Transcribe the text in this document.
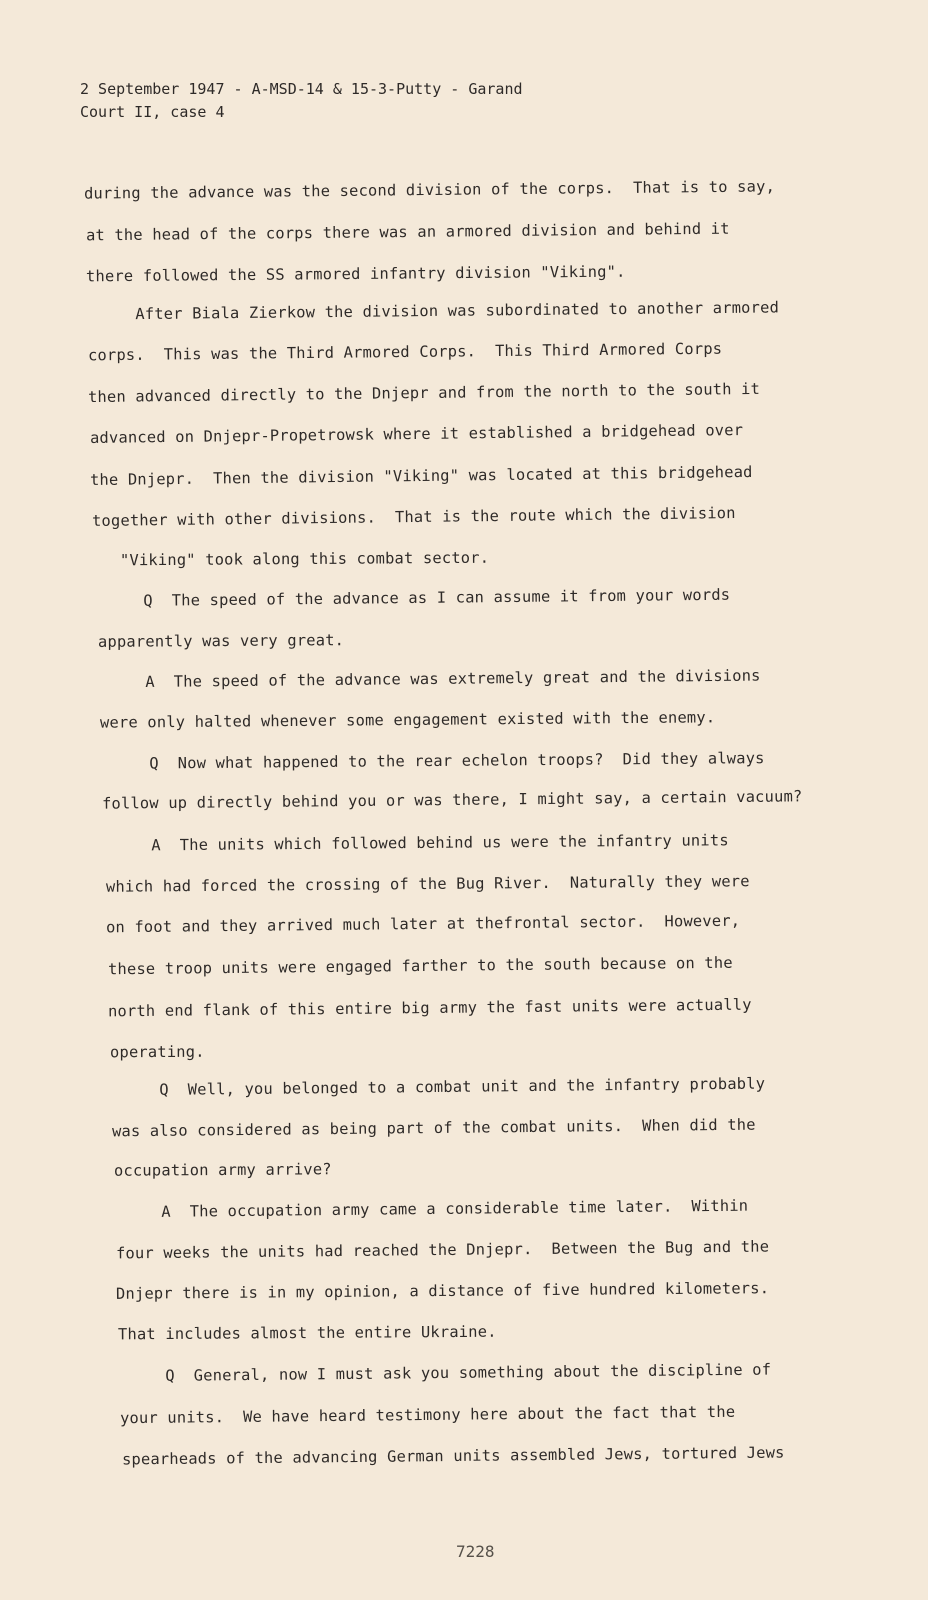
2 September 1947 - A-MSD-14 & 15-3-Putty - Garand
Court II, case 4
during the advance was the second division of the corps.  That is to say,
at the head of the corps there was an armored division and behind it
there followed the SS armored infantry division "Viking".
After Biala Zierkow the division was subordinated to another armored
corps.  This was the Third Armored Corps.  This Third Armored Corps
then advanced directly to the Dnjepr and from the north to the south it
advanced on Dnjepr-Propetrowsk where it established a bridgehead over
the Dnjepr.  Then the division "Viking" was located at this bridgehead
together with other divisions.  That is the route which the division
"Viking" took along this combat sector.
Q  The speed of the advance as I can assume it from your words
apparently was very great.
A  The speed of the advance was extremely great and the divisions
were only halted whenever some engagement existed with the enemy.
Q  Now what happened to the rear echelon troops?  Did they always
follow up directly behind you or was there, I might say, a certain vacuum?
A  The units which followed behind us were the infantry units
which had forced the crossing of the Bug River.  Naturally they were
on foot and they arrived much later at thefrontal sector.  However,
these troop units were engaged farther to the south because on the
north end flank of this entire big army the fast units were actually
operating.
Q  Well, you belonged to a combat unit and the infantry probably
was also considered as being part of the combat units.  When did the
occupation army arrive?
A  The occupation army came a considerable time later.  Within
four weeks the units had reached the Dnjepr.  Between the Bug and the
Dnjepr there is in my opinion, a distance of five hundred kilometers.
That includes almost the entire Ukraine.
Q  General, now I must ask you something about the discipline of
your units.  We have heard testimony here about the fact that the
spearheads of the advancing German units assembled Jews, tortured Jews
7228
